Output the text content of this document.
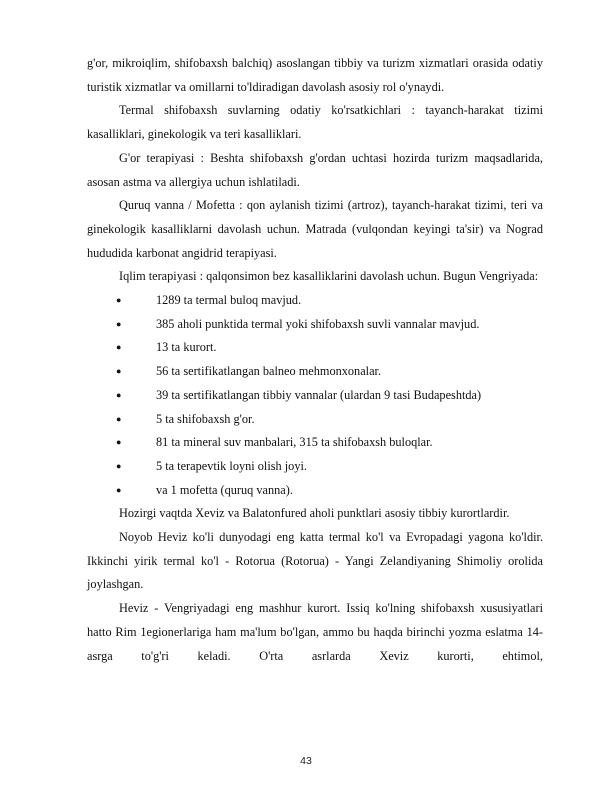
g'or, mikroiqlim, shifobaxsh balchiq) asoslangan tibbiy va turizm xizmatlari orasida odatiy turistik xizmatlar va omillarni to'ldiradigan davolash asosiy rol o'ynaydi.

Termal shifobaxsh suvlarning odatiy ko'rsatkichlari : tayanch-harakat tizimi kasalliklari, ginekologik va teri kasalliklari.

G'or terapiyasi : Beshta shifobaxsh g'ordan uchtasi hozirda turizm maqsadlarida, asosan astma va allergiya uchun ishlatiladi.

Quruq vanna / Mofetta : qon aylanish tizimi (artroz), tayanch-harakat tizimi, teri va ginekologik kasalliklarni davolash uchun. Matrada (vulqondan keyingi ta'sir) va Nograd hududida karbonat angidrid terapiyasi.

Iqlim terapiyasi : qalqonsimon bez kasalliklarini davolash uchun. Bugun Vengriyada:

●	1289 ta termal buloq mavjud.
●	385 aholi punktida termal yoki shifobaxsh suvli vannalar mavjud.
●	13 ta kurort.
●	56 ta sertifikatlangan balneo mehmonxonalar.
●	39 ta sertifikatlangan tibbiy vannalar (ulardan 9 tasi Budapeshtda)
●	5 ta shifobaxsh g'or.
●	81 ta mineral suv manbalari, 315 ta shifobaxsh buloqlar.
●	5 ta terapevtik loyni olish joyi.
●	va 1 mofetta (quruq vanna).

Hozirgi vaqtda Xeviz va Balatonfured aholi punktlari asosiy tibbiy kurortlardir.

Noyob Heviz ko'li dunyodagi eng katta termal ko'l va Evropadagi yagona ko'ldir. Ikkinchi yirik termal ko'l - Rotorua (Rotorua) - Yangi Zelandiyaning Shimoliy orolida joylashgan.

Heviz - Vengriyadagi eng mashhur kurort. Issiq ko'lning shifobaxsh xususiyatlari hatto Rim 1egionerlariga ham ma'lum bo'lgan, ammo bu haqda birinchi yozma eslatma 14-asrga to'g'ri keladi. O'rta asrlarda Xeviz kurorti, ehtimol,

43
